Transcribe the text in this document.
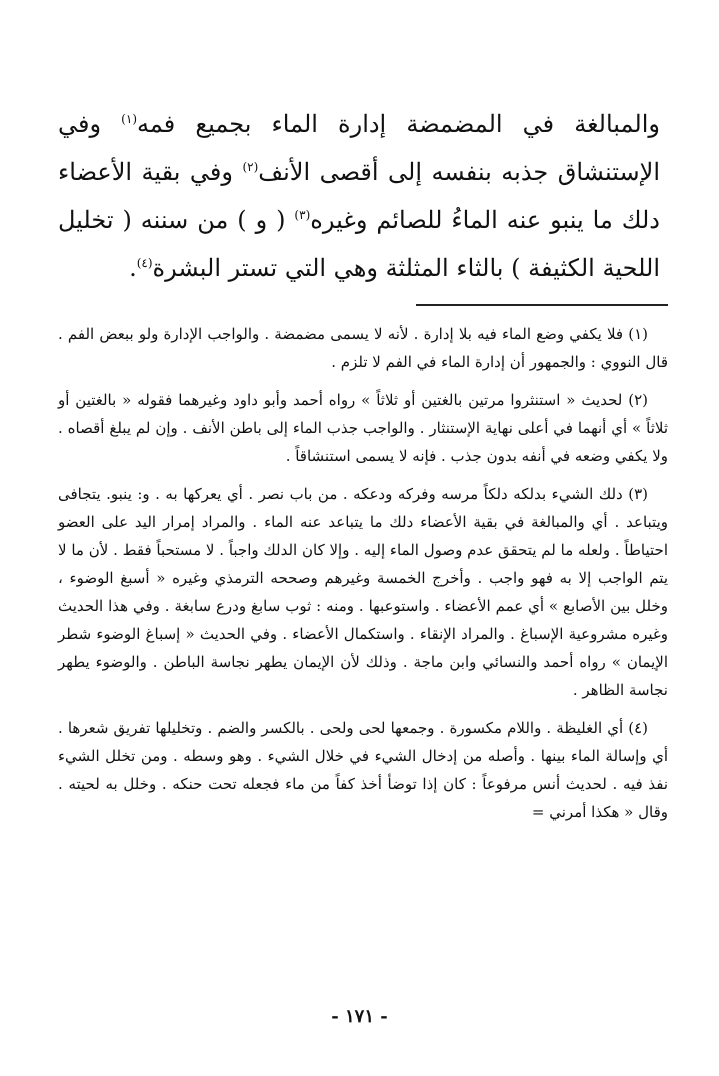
والمبالغة في المضمضة إدارة الماء بجميع فمه$^{(١)}$ وفي الإستنشاق جذبه بنفسه إلى أقصى الأنف$^{(٢)}$ وفي بقية الأعضاء دلك ما ينبو عنه الماءُ للصائم وغيره$^{(٣)}$ ( و ) من سننه ( تخليل اللحية الكثيفة ) بالثاء المثلثة وهي التي تستر البشرة$^{(٤)}$.

(١) فلا يكفي وضع الماء فيه بلا إدارة . لأنه لا يسمى مضمضة . والواجب الإدارة ولو ببعض الفم . قال النووي : والجمهور أن إدارة الماء في الفم لا تلزم .

(٢) لحديث « استنثروا مرتين بالغتين أو ثلاثاً » رواه أحمد وأبو داود وغيرهما فقوله « بالغتين أو ثلاثاً » أي أنهما في أعلى نهاية الإستنثار . والواجب جذب الماء إلى باطن الأنف . وإن لم يبلغ أقصاه . ولا يكفي وضعه في أنفه بدون جذب . فإنه لا يسمى استنشاقاً .

(٣) دلك الشيء بدلكه دلكاً مرسه وفركه ودعكه . من باب نصر . أي يعركها به . و: ينبو. يتجافى ويتباعد . أي والمبالغة في بقية الأعضاء دلك ما يتباعد عنه الماء . والمراد إمرار اليد على العضو احتياطاً . ولعله ما لم يتحقق عدم وصول الماء إليه . وإلا كان الدلك واجباً . لا مستحباً فقط . لأن ما لا يتم الواجب إلا به فهو واجب . وأخرج الخمسة وغيرهم وصححه الترمذي وغيره « أسبغ الوضوء ، وخلل بين الأصابع » أي عمم الأعضاء . واستوعبها . ومنه : ثوب سابغ ودرع سابغة . وفي هذا الحديث وغيره مشروعية الإسباغ . والمراد الإنقاء . واستكمال الأعضاء . وفي الحديث « إسباغ الوضوء شطر الإيمان » رواه أحمد والنسائي وابن ماجة . وذلك لأن الإيمان يطهر نجاسة الباطن . والوضوء يطهر نجاسة الظاهر .

(٤) أي الغليظة . واللام مكسورة . وجمعها لحى ولحى . بالكسر والضم . وتخليلها تفريق شعرها . أي وإسالة الماء بينها . وأصله من إدخال الشيء في خلال الشيء . وهو وسطه . ومن تخلل الشيء نفذ فيه . لحديث أنس مرفوعاً : كان إذا توضأ أخذ كفاً من ماء فجعله تحت حنكه . وخلل به لحيته . وقال « هكذا أمرني =

- ١٧١ -
